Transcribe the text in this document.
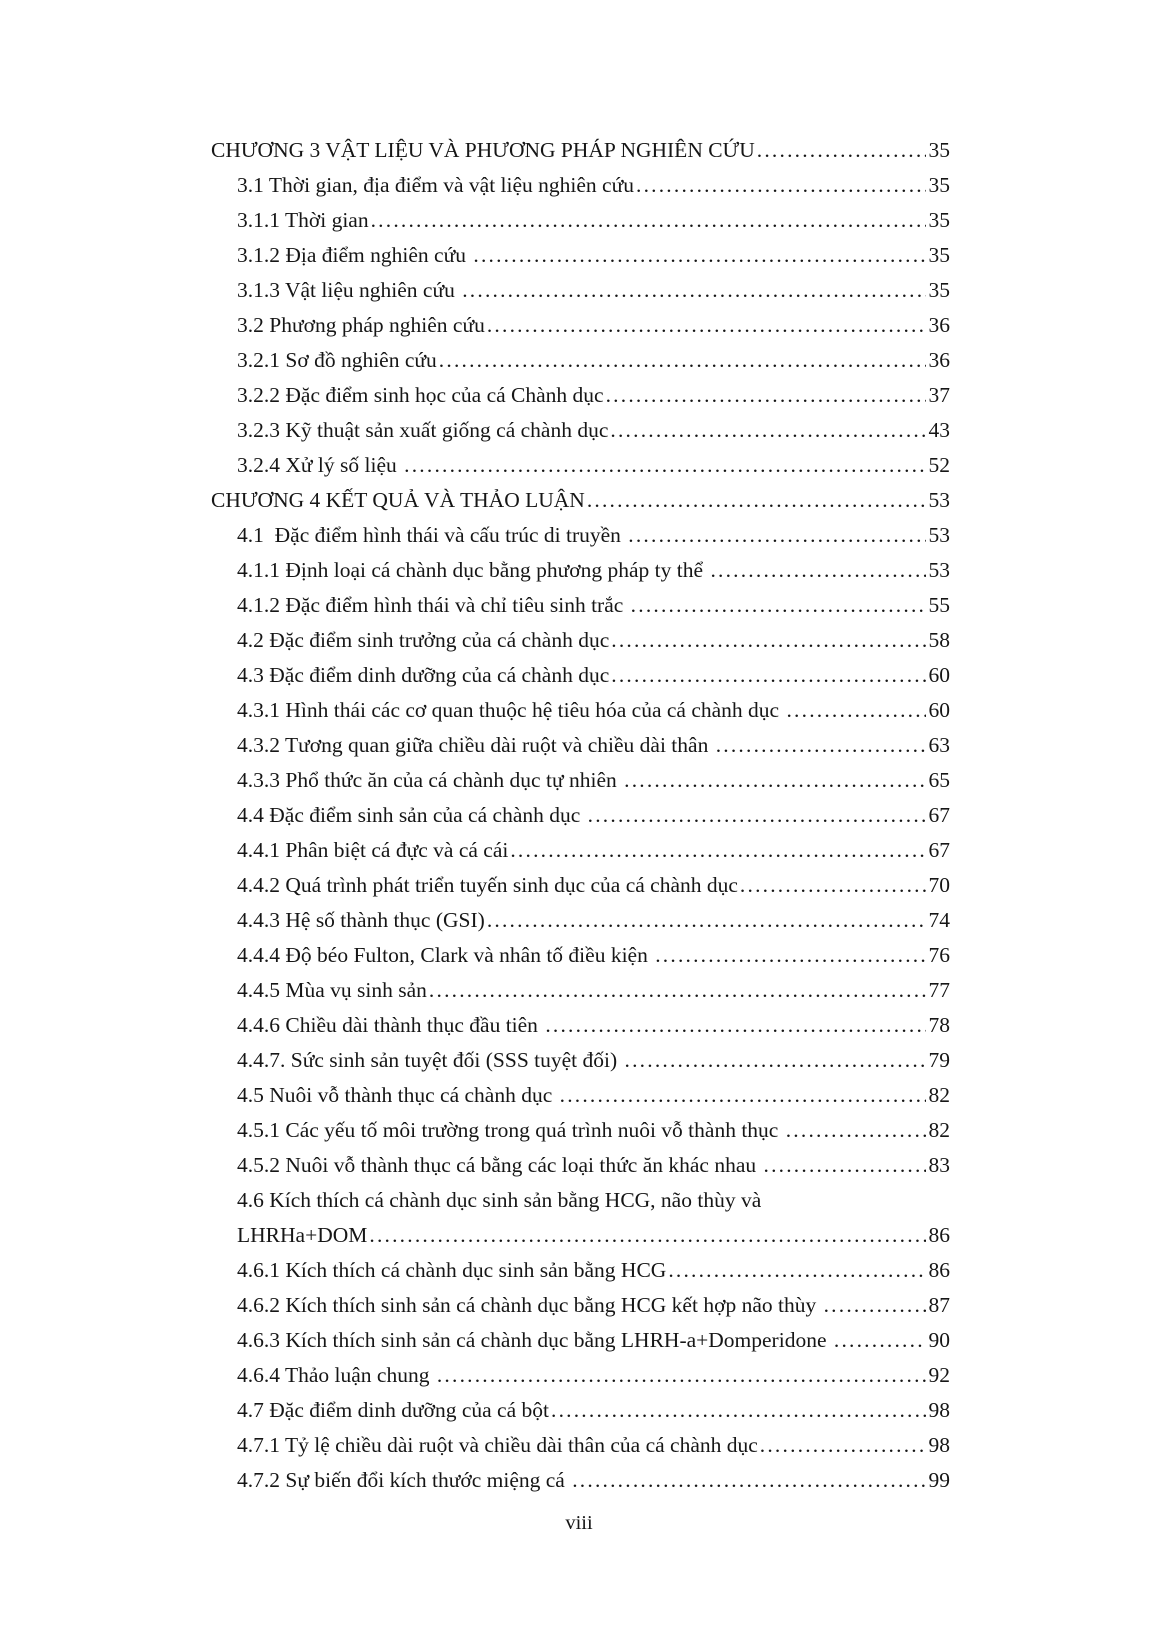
CHƯƠNG 3 VẬT LIỆU VÀ PHƯƠNG PHÁP NGHIÊN CỨU .....	35
3.1 Thời gian, địa điểm và vật liệu nghiên cứu .....	35
3.1.1 Thời gian .....	35
3.1.2 Địa điểm nghiên cứu .....	35
3.1.3 Vật liệu nghiên cứu .....	35
3.2 Phương pháp nghiên cứu .....	36
3.2.1 Sơ đồ nghiên cứu .....	36
3.2.2 Đặc điểm sinh học của cá Chành dục .....	37
3.2.3 Kỹ thuật sản xuất giống cá chành dục .....	43
3.2.4 Xử lý số liệu .....	52
CHƯƠNG 4 KẾT QUẢ VÀ THẢO LUẬN .....	53
4.1  Đặc điểm hình thái và cấu trúc di truyền .....	53
4.1.1 Định loại cá chành dục bằng phương pháp ty thể .....	53
4.1.2 Đặc điểm hình thái và chỉ tiêu sinh trắc .....	55
4.2 Đặc điểm sinh trưởng của cá chành dục .....	58
4.3 Đặc điểm dinh dưỡng của cá chành dục .....	60
4.3.1 Hình thái các cơ quan thuộc hệ tiêu hóa của cá chành dục .....	60
4.3.2 Tương quan giữa chiều dài ruột và chiều dài thân .....	63
4.3.3 Phổ thức ăn của cá chành dục tự nhiên .....	65
4.4 Đặc điểm sinh sản của cá chành dục .....	67
4.4.1 Phân biệt cá đực và cá cái .....	67
4.4.2 Quá trình phát triển tuyến sinh dục của cá chành dục .....	70
4.4.3 Hệ số thành thục (GSI) .....	74
4.4.4 Độ béo Fulton, Clark và nhân tố điều kiện .....	76
4.4.5 Mùa vụ sinh sản .....	77
4.4.6 Chiều dài thành thục đầu tiên .....	78
4.4.7. Sức sinh sản tuyệt đối (SSS tuyệt đối) .....	79
4.5 Nuôi vỗ thành thục cá chành dục .....	82
4.5.1 Các yếu tố môi trường trong quá trình nuôi vỗ thành thục .....	82
4.5.2 Nuôi vỗ thành thục cá bằng các loại thức ăn khác nhau .....	83
4.6 Kích thích cá chành dục sinh sản bằng HCG, não thùy và
LHRHa+DOM .....	86
4.6.1 Kích thích cá chành dục sinh sản bằng HCG .....	86
4.6.2 Kích thích sinh sản cá chành dục bằng HCG kết hợp não thùy .....	87
4.6.3 Kích thích sinh sản cá chành dục bằng LHRH-a+Domperidone .....	90
4.6.4 Thảo luận chung .....	92
4.7 Đặc điểm dinh dưỡng của cá bột .....	98
4.7.1 Tỷ lệ chiều dài ruột và chiều dài thân của cá chành dục .....	98
4.7.2 Sự biến đổi kích thước miệng cá .....	99
viii
